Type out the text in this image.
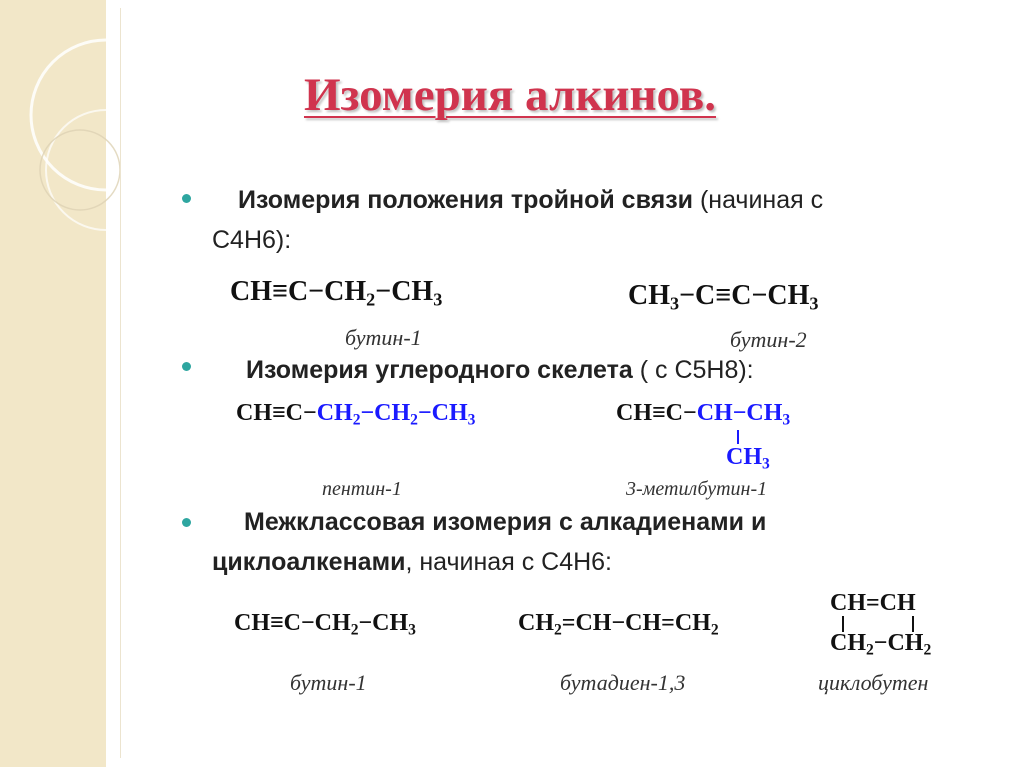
Изомерия алкинов.
Изомерия положения тройной связи (начиная с
С4Н6):
$CH\equiv C-CH_2-CH_3$
бутин-1
$CH_3-C\equiv C-CH_3$
бутин-2
Изомерия углеродного скелета ( с С5Н8):
$CH\equiv C-CH_2-CH_2-CH_3$
пентин-1
$CH\equiv C-CH-CH_3$
$CH_3$
3-метилбутин-1
Межклассовая изомерия с алкадиенами и
циклоалкенами, начиная с С4Н6:
$CH\equiv C-CH_2-CH_3$
бутин-1
$CH_2=CH-CH=CH_2$
бутадиен-1,3
CH=CH
$CH_2-CH_2$
циклобутен
